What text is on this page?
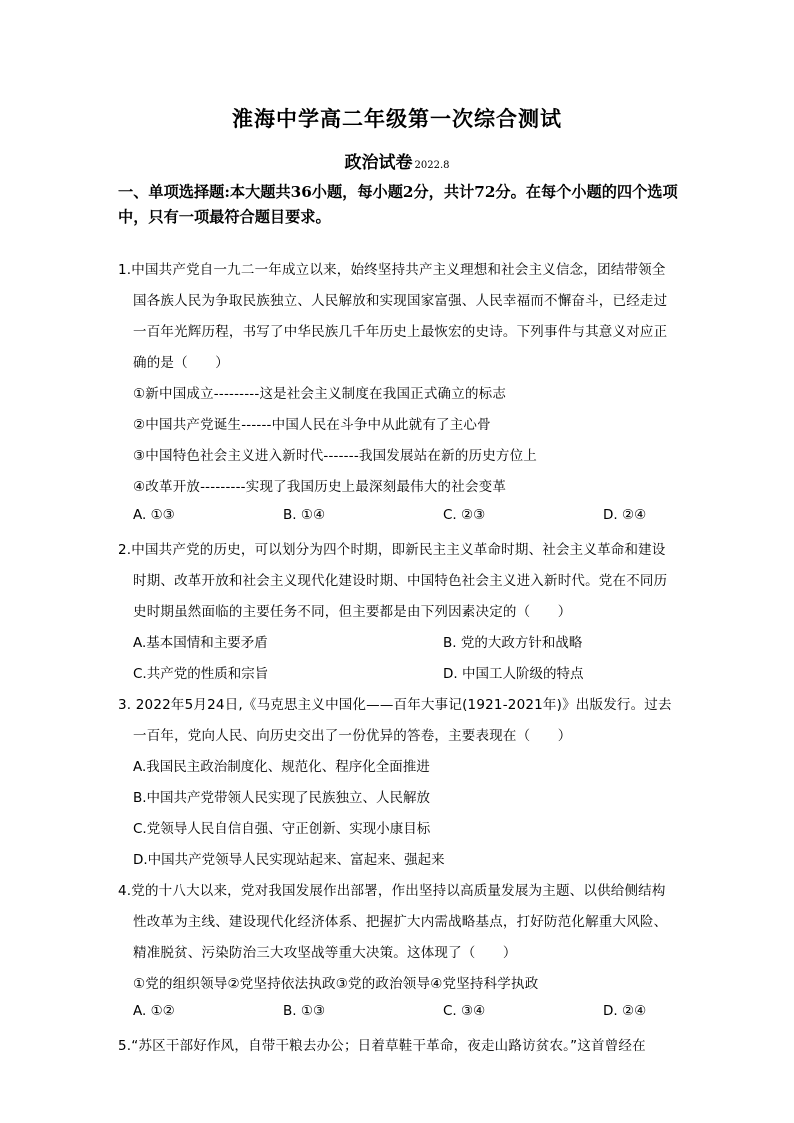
淮海中学高二年级第一次综合测试
政治试卷 2022.8
一、单项选择题:本大题共36小题，每小题2分，共计72分。在每个小题的四个选项中，只有一项最符合题目要求。
1.中国共产党自一九二一年成立以来，始终坚持共产主义理想和社会主义信念，团结带领全
国各族人民为争取民族独立、人民解放和实现国家富强、人民幸福而不懈奋斗，已经走过
一百年光辉历程，书写了中华民族几千年历史上最恢宏的史诗。下列事件与其意义对应正
确的是（　　）
①新中国成立---------这是社会主义制度在我国正式确立的标志
②中国共产党诞生------中国人民在斗争中从此就有了主心骨
③中国特色社会主义进入新时代-------我国发展站在新的历史方位上
④改革开放---------实现了我国历史上最深刻最伟大的社会变革
A. ①③	B. ①④	C. ②③	D. ②④
2.中国共产党的历史，可以划分为四个时期，即新民主主义革命时期、社会主义革命和建设
时期、改革开放和社会主义现代化建设时期、中国特色社会主义进入新时代。党在不同历
史时期虽然面临的主要任务不同，但主要都是由下列因素决定的（　　）
A.基本国情和主要矛盾	B. 党的大政方针和战略
C.共产党的性质和宗旨	D. 中国工人阶级的特点
3. 2022年5月24日,《马克思主义中国化——百年大事记(1921-2021年)》出版发行。过去
一百年，党向人民、向历史交出了一份优异的答卷，主要表现在（　　）
A.我国民主政治制度化、规范化、程序化全面推进
B.中国共产党带领人民实现了民族独立、人民解放
C.党领导人民自信自强、守正创新、实现小康目标
D.中国共产党领导人民实现站起来、富起来、强起来
4.党的十八大以来，党对我国发展作出部署，作出坚持以高质量发展为主题、以供给侧结构
性改革为主线、建设现代化经济体系、把握扩大内需战略基点，打好防范化解重大风险、
精准脱贫、污染防治三大攻坚战等重大决策。这体现了（　　）
①党的组织领导②党坚持依法执政③党的政治领导④党坚持科学执政
A. ①②	B. ①③	C. ③④	D. ②④
5.“苏区干部好作风，自带干粮去办公；日着草鞋干革命，夜走山路访贫农。”这首曾经在
